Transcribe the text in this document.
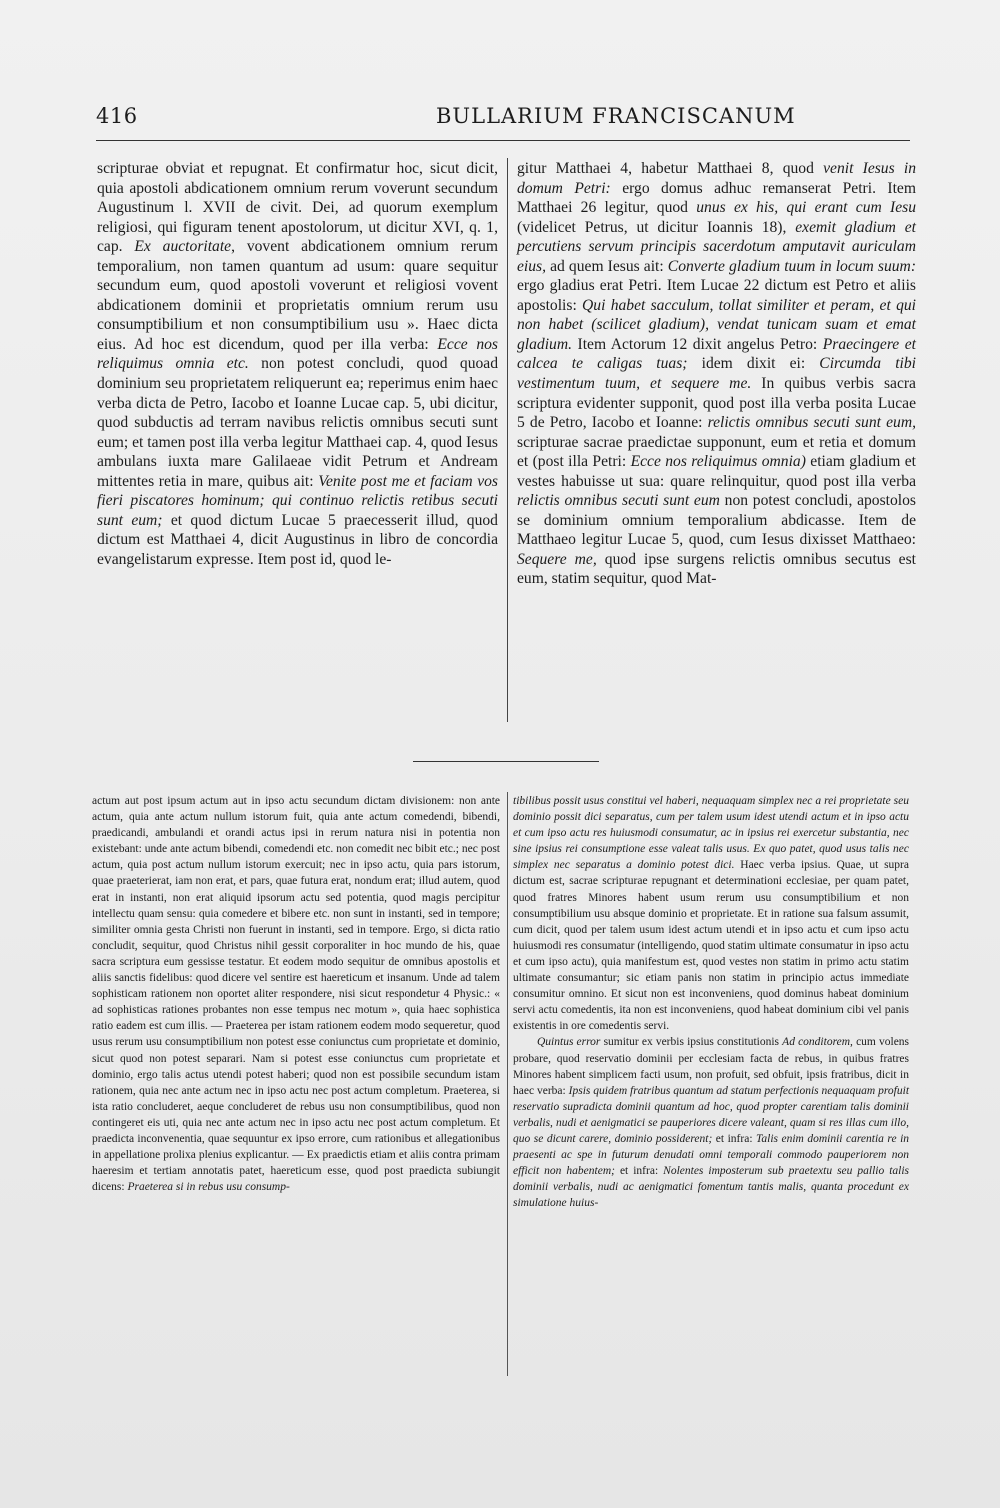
416	BULLARIUM FRANCISCANUM

scripturae obviat et repugnat. Et confirmatur hoc, sicut dicit, quia apostoli abdicationem omnium rerum voverunt secundum Augustinum l. XVII de civit. Dei, ad quorum exemplum religiosi, qui figuram tenent apostolorum, ut dicitur XVI, q. 1, cap. Ex auctoritate, vovent abdicationem omnium rerum temporalium, non tamen quantum ad usum: quare sequitur secundum eum, quod apostoli voverunt et religiosi vovent abdicationem dominii et proprietatis omnium rerum usu consumptibilium et non consumptibilium usu ». Haec dicta eius. Ad hoc est dicendum, quod per illa verba: Ecce nos reliquimus omnia etc. non potest concludi, quod quoad dominium seu proprietatem reliquerunt ea; reperimus enim haec verba dicta de Petro, Iacobo et Ioanne Lucae cap. 5, ubi dicitur, quod subductis ad terram navibus relictis omnibus secuti sunt eum; et tamen post illa verba legitur Matthaei cap. 4, quod Iesus ambulans iuxta mare Galilaeae vidit Petrum et Andream mittentes retia in mare, quibus ait: Venite post me et faciam vos fieri piscatores hominum; qui continuo relictis retibus secuti sunt eum; et quod dictum Lucae 5 praecesserit illud, quod dictum est Matthaei 4, dicit Augustinus in libro de concordia evangelistarum expresse. Item post id, quod le-

gitur Matthaei 4, habetur Matthaei 8, quod venit Iesus in domum Petri: ergo domus adhuc remanserat Petri. Item Matthaei 26 legitur, quod unus ex his, qui erant cum Iesu (videlicet Petrus, ut dicitur Ioannis 18), exemit gladium et percutiens servum principis sacerdotum amputavit auriculam eius, ad quem Iesus ait: Converte gladium tuum in locum suum: ergo gladius erat Petri. Item Lucae 22 dictum est Petro et aliis apostolis: Qui habet sacculum, tollat similiter et peram, et qui non habet (scilicet gladium), vendat tunicam suam et emat gladium. Item Actorum 12 dixit angelus Petro: Praecingere et calcea te caligas tuas; idem dixit ei: Circumda tibi vestimentum tuum, et sequere me. In quibus verbis sacra scriptura evidenter supponit, quod post illa verba posita Lucae 5 de Petro, Iacobo et Ioanne: relictis omnibus secuti sunt eum, scripturae sacrae praedictae supponunt, eum et retia et domum et (post illa Petri: Ecce nos reliquimus omnia) etiam gladium et vestes habuisse ut sua: quare relinquitur, quod post illa verba relictis omnibus secuti sunt eum non potest concludi, apostolos se dominium omnium temporalium abdicasse. Item de Matthaeo legitur Lucae 5, quod, cum Iesus dixisset Matthaeo: Sequere me, quod ipse surgens relictis omnibus secutus est eum, statim sequitur, quod Mat-

actum aut post ipsum actum aut in ipso actu secundum dictam divisionem: non ante actum, quia ante actum nullum istorum fuit, quia ante actum comedendi, bibendi, praedicandi, ambulandi et orandi actus ipsi in rerum natura nisi in potentia non existebant: unde ante actum bibendi, comedendi etc. non comedit nec bibit etc.; nec post actum, quia post actum nullum istorum exercuit; nec in ipso actu, quia pars istorum, quae praeterierat, iam non erat, et pars, quae futura erat, nondum erat; illud autem, quod erat in instanti, non erat aliquid ipsorum actu sed potentia, quod magis percipitur intellectu quam sensu: quia comedere et bibere etc. non sunt in instanti, sed in tempore; similiter omnia gesta Christi non fuerunt in instanti, sed in tempore. Ergo, si dicta ratio concludit, sequitur, quod Christus nihil gessit corporaliter in hoc mundo de his, quae sacra scriptura eum gessisse testatur. Et eodem modo sequitur de omnibus apostolis et aliis sanctis fidelibus: quod dicere vel sentire est haereticum et insanum. Unde ad talem sophisticam rationem non oportet aliter respondere, nisi sicut respondetur 4 Physic.: « ad sophisticas rationes probantes non esse tempus nec motum », quia haec sophistica ratio eadem est cum illis. — Praeterea per istam rationem eodem modo sequeretur, quod usus rerum usu consumptibilium non potest esse coniunctus cum proprietate et dominio, sicut quod non potest separari. Nam si potest esse coniunctus cum proprietate et dominio, ergo talis actus utendi potest haberi; quod non est possibile secundum istam rationem, quia nec ante actum nec in ipso actu nec post actum completum. Praeterea, si ista ratio concluderet, aeque concluderet de rebus usu non consumptibilibus, quod non contingeret eis uti, quia nec ante actum nec in ipso actu nec post actum completum. Et praedicta inconvenentia, quae sequuntur ex ipso errore, cum rationibus et allegationibus in appellatione prolixa plenius explicantur. — Ex praedictis etiam et aliis contra primam haeresim et tertiam annotatis patet, haereticum esse, quod post praedicta subiungit dicens: Praeterea si in rebus usu consump-

tibilibus possit usus constitui vel haberi, nequaquam simplex nec a rei proprietate seu dominio possit dici separatus, cum per talem usum idest utendi actum et in ipso actu et cum ipso actu res huiusmodi consumatur, ac in ipsius rei exercetur substantia, nec sine ipsius rei consumptione esse valeat talis usus. Ex quo patet, quod usus talis nec simplex nec separatus a dominio potest dici. Haec verba ipsius. Quae, ut supra dictum est, sacrae scripturae repugnant et determinationi ecclesiae, per quam patet, quod fratres Minores habent usum rerum usu consumptibilium et non consumptibilium usu absque dominio et proprietate. Et in ratione sua falsum assumit, cum dicit, quod per talem usum idest actum utendi et in ipso actu et cum ipso actu huiusmodi res consumatur (intelligendo, quod statim ultimate consumatur in ipso actu et cum ipso actu), quia manifestum est, quod vestes non statim in primo actu statim ultimate consumantur; sic etiam panis non statim in principio actus immediate consumitur omnino. Et sicut non est inconveniens, quod dominus habeat dominium servi actu comedentis, ita non est inconveniens, quod habeat dominium cibi vel panis existentis in ore comedentis servi.

Quintus error sumitur ex verbis ipsius constitutionis Ad conditorem, cum volens probare, quod reservatio dominii per ecclesiam facta de rebus, in quibus fratres Minores habent simplicem facti usum, non profuit, sed obfuit, ipsis fratribus, dicit in haec verba: Ipsis quidem fratribus quantum ad statum perfectionis nequaquam profuit reservatio supradicta dominii quantum ad hoc, quod propter carentiam talis dominii verbalis, nudi et aenigmatici se pauperiores dicere valeant, quam si res illas cum illo, quo se dicunt carere, dominio possiderent; et infra: Talis enim dominii carentia re in praesenti ac spe in futurum denudati omni temporali commodo pauperiorem non efficit non habentem; et infra: Nolentes imposterum sub praetextu seu pallio talis dominii verbalis, nudi ac aenigmatici fomentum tantis malis, quanta procedunt ex simulatione huius-
